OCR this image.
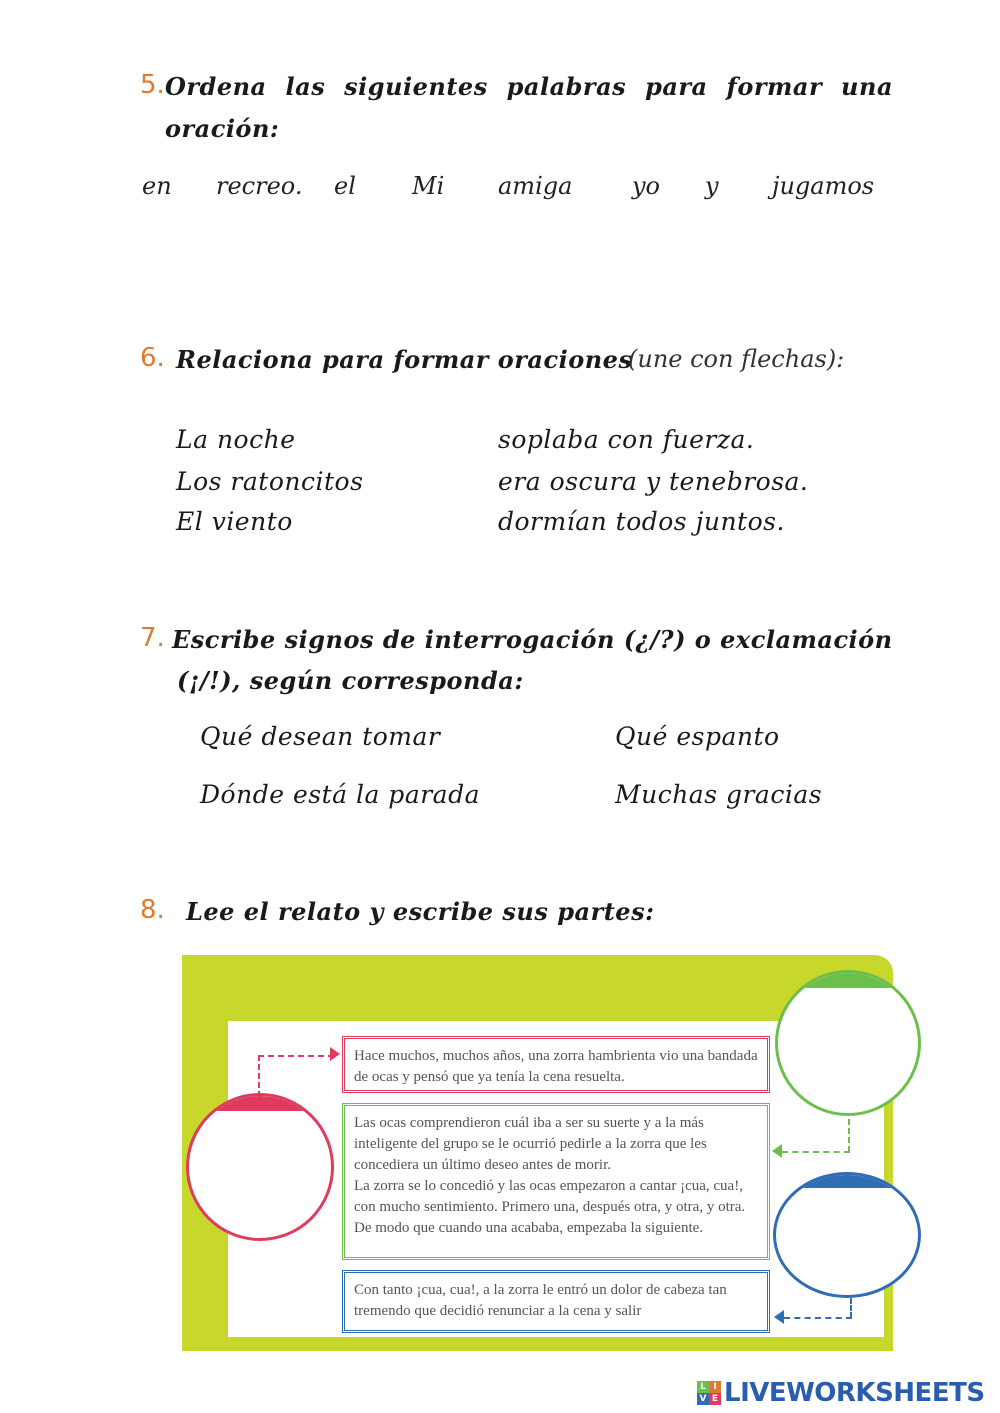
5. Ordena las siguientes palabras para formar una
oración:
en recreo. el Mi amiga yo y jugamos
6. Relaciona para formar oraciones
(une con flechas):
La noche
Los ratoncitos
El viento
soplaba con fuerza.
era oscura y tenebrosa.
dormían todos juntos.
7. Escribe signos de interrogación (¿/?) o exclamación
(¡/!), según corresponda:
Qué desean tomar	Qué espanto
Dónde está la parada	Muchas gracias
8. Lee el relato y escribe sus partes:

Hace muchos, muchos años, una zorra hambrienta vio una bandada de ocas y pensó que ya tenía la cena resuelta.

Las ocas comprendieron cuál iba a ser su suerte y a la más inteligente del grupo se le ocurrió pedirle a la zorra que les concediera un último deseo antes de morir.

La zorra se lo concedió y las ocas empezaron a cantar ¡cua, cua!, con mucho sentimiento. Primero una, después otra, y otra, y otra. De modo que cuando una acababa, empezaba la siguiente.

Con tanto ¡cua, cua!, a la zorra le entró un dolor de cabeza tan tremendo que decidió renunciar a la cena y salir

L I
V E LIVEWORKSHEETS
